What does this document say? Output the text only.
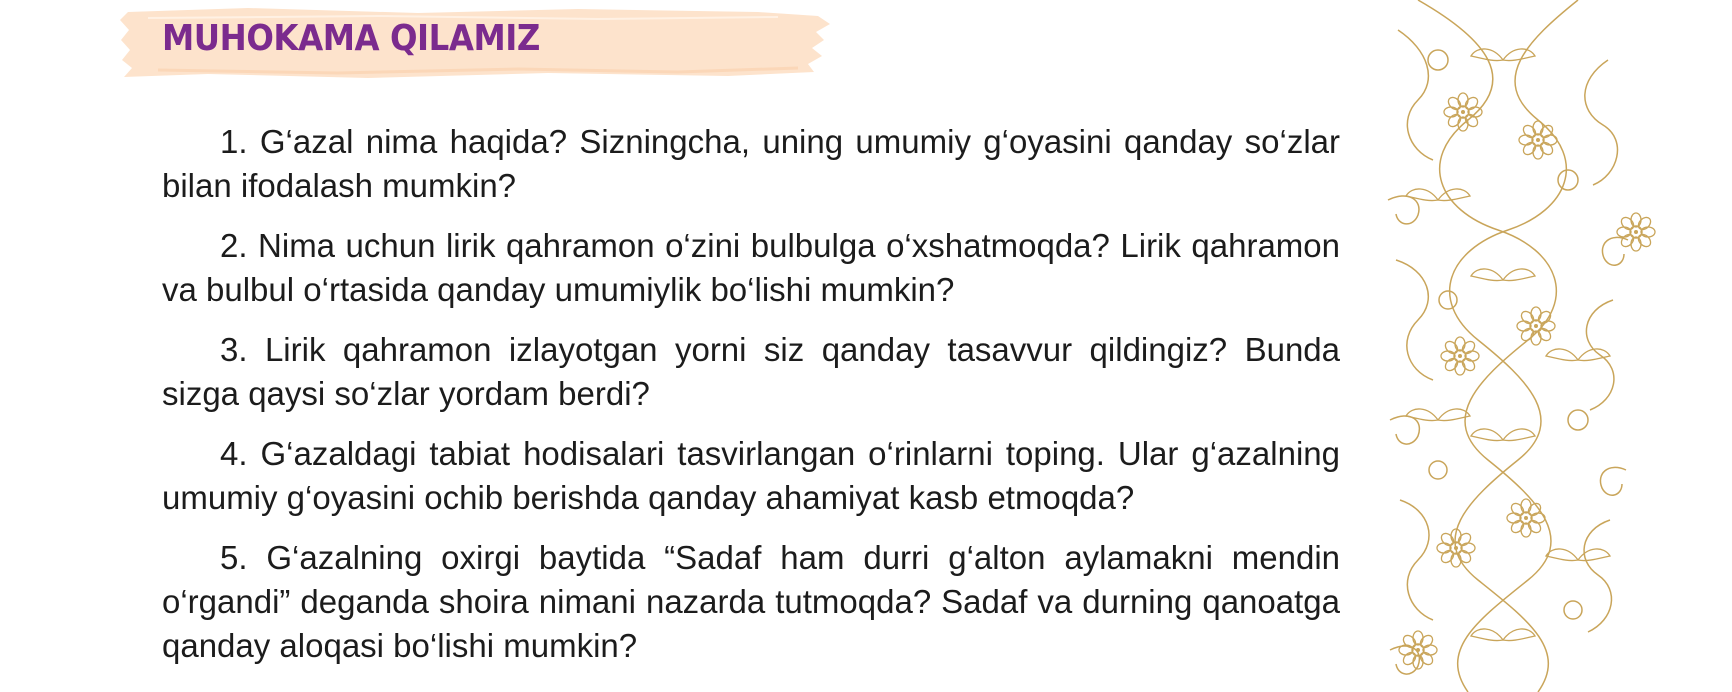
MUHOKAMA QILAMIZ
1. G‘azal nima haqida? Sizningcha, uning umumiy g‘oyasini qanday so‘zlar bilan ifodalash mumkin?
2. Nima uchun lirik qahramon o‘zini bulbulga o‘xshatmoqda? Lirik qahramon va bulbul o‘rtasida qanday umumiylik bo‘lishi mumkin?
3. Lirik qahramon izlayotgan yorni siz qanday tasavvur qildingiz? Bunda sizga qaysi so‘zlar yordam berdi?
4. G‘azaldagi tabiat hodisalari tasvirlangan o‘rinlarni toping. Ular g‘azalning umumiy g‘oyasini ochib berishda qanday ahamiyat kasb etmoqda?
5. G‘azalning oxirgi baytida “Sadaf ham durri g‘alton aylamakni mendin o‘rgandi” deganda shoira nimani nazarda tutmoqda? Sadaf va durning qanoatga qanday aloqasi bo‘lishi mumkin?
